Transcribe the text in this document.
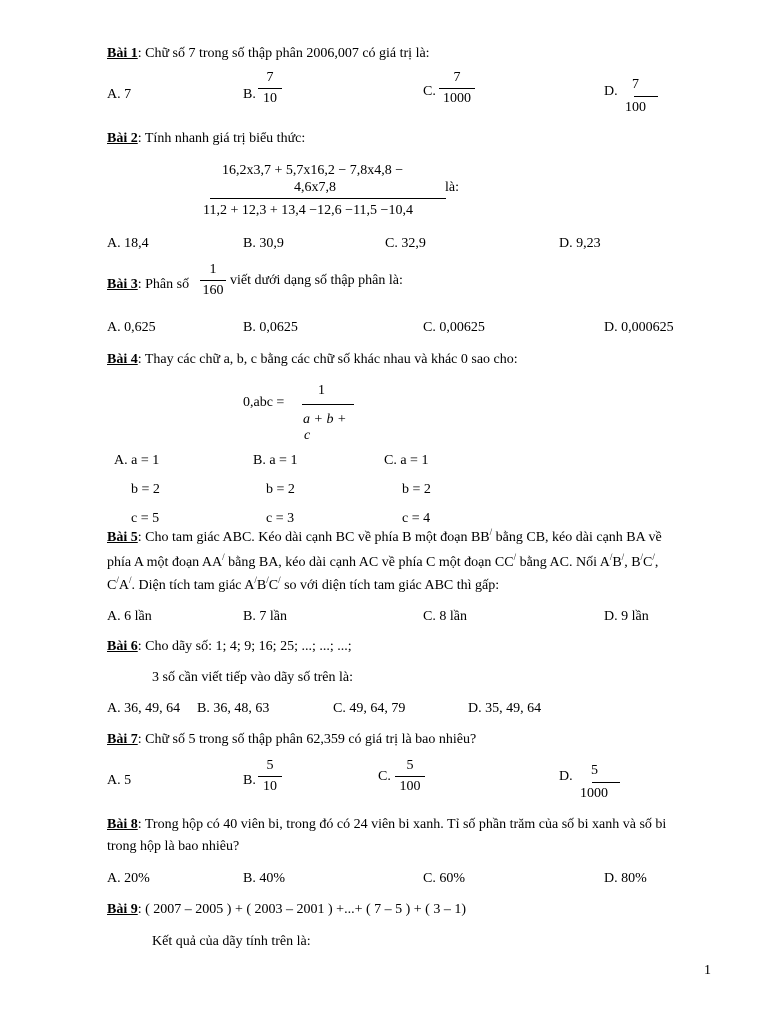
Bài 1: Chữ số 7 trong số thập phân 2006,007 có giá trị là:
A. 7	B.
7
10	C.
7
1000	D. 7
100
Bài 2: Tính nhanh giá trị biểu thức:
16,2x3,7 + 5,7x16,2 − 7,8x4,8 −
4,6x7,8
11,2 + 12,3 + 13,4 −12,6 −11,5 −10,4
là:
A. 18,4	B. 30,9	C. 32,9	D. 9,23
Bài 3: Phân số
1
160
viết dưới dạng số thập phân là:
A. 0,625	B. 0,0625	C. 0,00625	D. 0,000625
Bài 4: Thay các chữ a, b, c bằng các chữ số khác nhau và khác 0 sao cho:
0,abc =
1
a + b +
c
A. a = 1
b = 2
c = 5
B. a = 1
b = 2
c = 3
C. a = 1
b = 2
c = 4
Bài 5: Cho tam giác ABC. Kéo dài cạnh BC về phía B một đoạn BB/ bằng CB, kéo dài cạnh BA về
phía A một đoạn AA/ bằng BA, kéo dài cạnh AC về phía C một đoạn CC/ bằng AC. Nối A/B/, B/C/,
C/A/. Diện tích tam giác A/B/C/ so với diện tích tam giác ABC thì gấp:
A. 6 lần	B. 7 lần	C. 8 lần	D. 9 lần
Bài 6: Cho dãy số: 1; 4; 9; 16; 25; ...; ...; ...;
3 số cần viết tiếp vào dãy số trên là:
A. 36, 49, 64 B. 36, 48, 63	C. 49, 64, 79	D. 35, 49, 64
Bài 7: Chữ số 5 trong số thập phân 62,359 có giá trị là bao nhiêu?
A. 5	B.
5
10
C.
5
100
D. 5
1000
Bài 8: Trong hộp có 40 viên bi, trong đó có 24 viên bi xanh. Tỉ số phần trăm của số bi xanh và số bi
trong hộp là bao nhiêu?
A. 20%	B. 40%	C. 60%	D. 80%
Bài 9: ( 2007 – 2005 ) + ( 2003 – 2001 ) +...+ ( 7 – 5 ) + ( 3 – 1)
Kết quả của dãy tính trên là:
1
